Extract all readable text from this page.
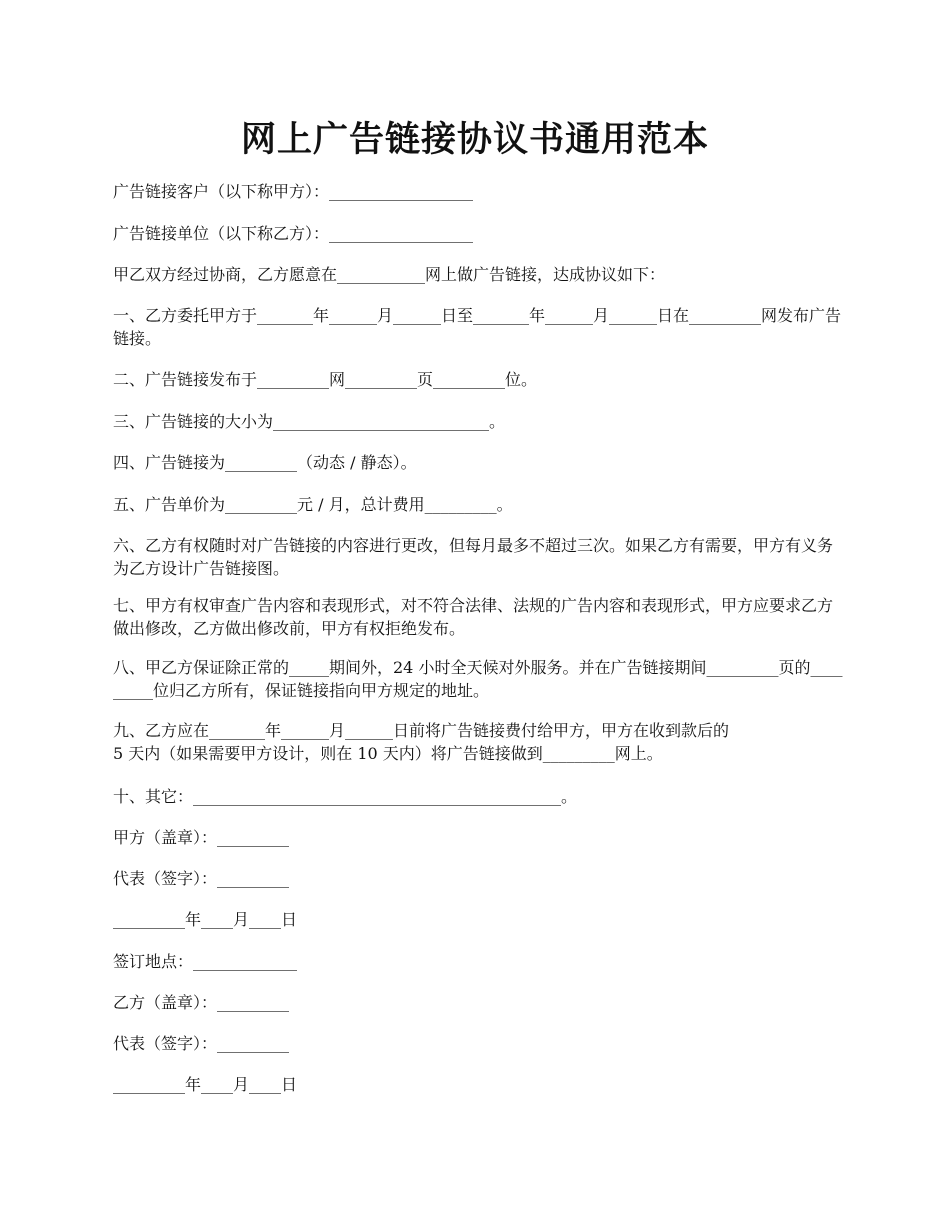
网上广告链接协议书通用范本

广告链接客户（以下称甲方）：__________________

广告链接单位（以下称乙方）：__________________

甲乙双方经过协商，乙方愿意在___________网上做广告链接，达成协议如下：

一、乙方委托甲方于_______年______月______日至_______年______月______日在_________网发布广告链接。

二、广告链接发布于_________网_________页_________位。

三、广告链接的大小为___________________________。

四、广告链接为_________（动态 / 静态）。

五、广告单价为_________元 / 月，总计费用_________。

六、乙方有权随时对广告链接的内容进行更改，但每月最多不超过三次。如果乙方有需要，甲方有义务为乙方设计广告链接图。

七、甲方有权审查广告内容和表现形式，对不符合法律、法规的广告内容和表现形式，甲方应要求乙方做出修改，乙方做出修改前，甲方有权拒绝发布。

八、甲乙方保证除正常的_____期间外，24 小时全天候对外服务。并在广告链接期间_________页的_________位归乙方所有，保证链接指向甲方规定的地址。

九、乙方应在_______年______月______日前将广告链接费付给甲方，甲方在收到款后的
5 天内（如果需要甲方设计，则在 10 天内）将广告链接做到_________网上。

十、其它：______________________________________________。

甲方（盖章）：_________

代表（签字）：_________

_________年____月____日

签订地点：_____________

乙方（盖章）：_________

代表（签字）：_________

_________年____月____日
